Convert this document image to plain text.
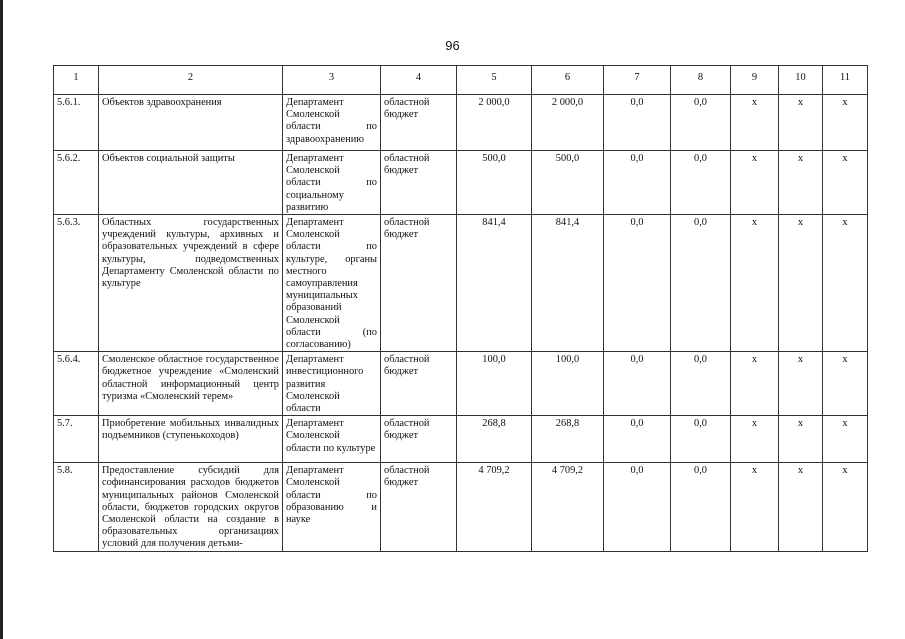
96
1	2	3	4	5	6	7	8	9	10	11
5.6.1.	Объектов здравоохранения	Департамент Смоленской области по здравоохранению	областной бюджет	2 000,0	2 000,0	0,0	0,0	x	x	x
5.6.2.	Объектов социальной защиты	Департамент Смоленской области по социальному развитию	областной бюджет	500,0	500,0	0,0	0,0	x	x	x
5.6.3.	Областных государственных учреждений культуры, архивных и образовательных учреждений в сфере культуры, подведомственных Департаменту Смоленской области по культуре	Департамент Смоленской области по культуре, органы местного самоуправления муниципальных образований Смоленской области (по согласованию)	областной бюджет	841,4	841,4	0,0	0,0	x	x	x
5.6.4.	Смоленское областное государственное бюджетное учреждение «Смоленский областной информационный центр туризма «Смоленский терем»	Департамент инвестиционного развития Смоленской области	областной бюджет	100,0	100,0	0,0	0,0	x	x	x
5.7.	Приобретение мобильных инвалидных подъемников (ступенькоходов)	Департамент Смоленской области по культуре	областной бюджет	268,8	268,8	0,0	0,0	x	x	x
5.8.	Предоставление субсидий для софинансирования расходов бюджетов муниципальных районов Смоленской области, бюджетов городских округов Смоленской области на создание в образовательных организациях условий для получения детьми-	Департамент Смоленской области по образованию и науке	областной бюджет	4 709,2	4 709,2	0,0	0,0	x	x	x
